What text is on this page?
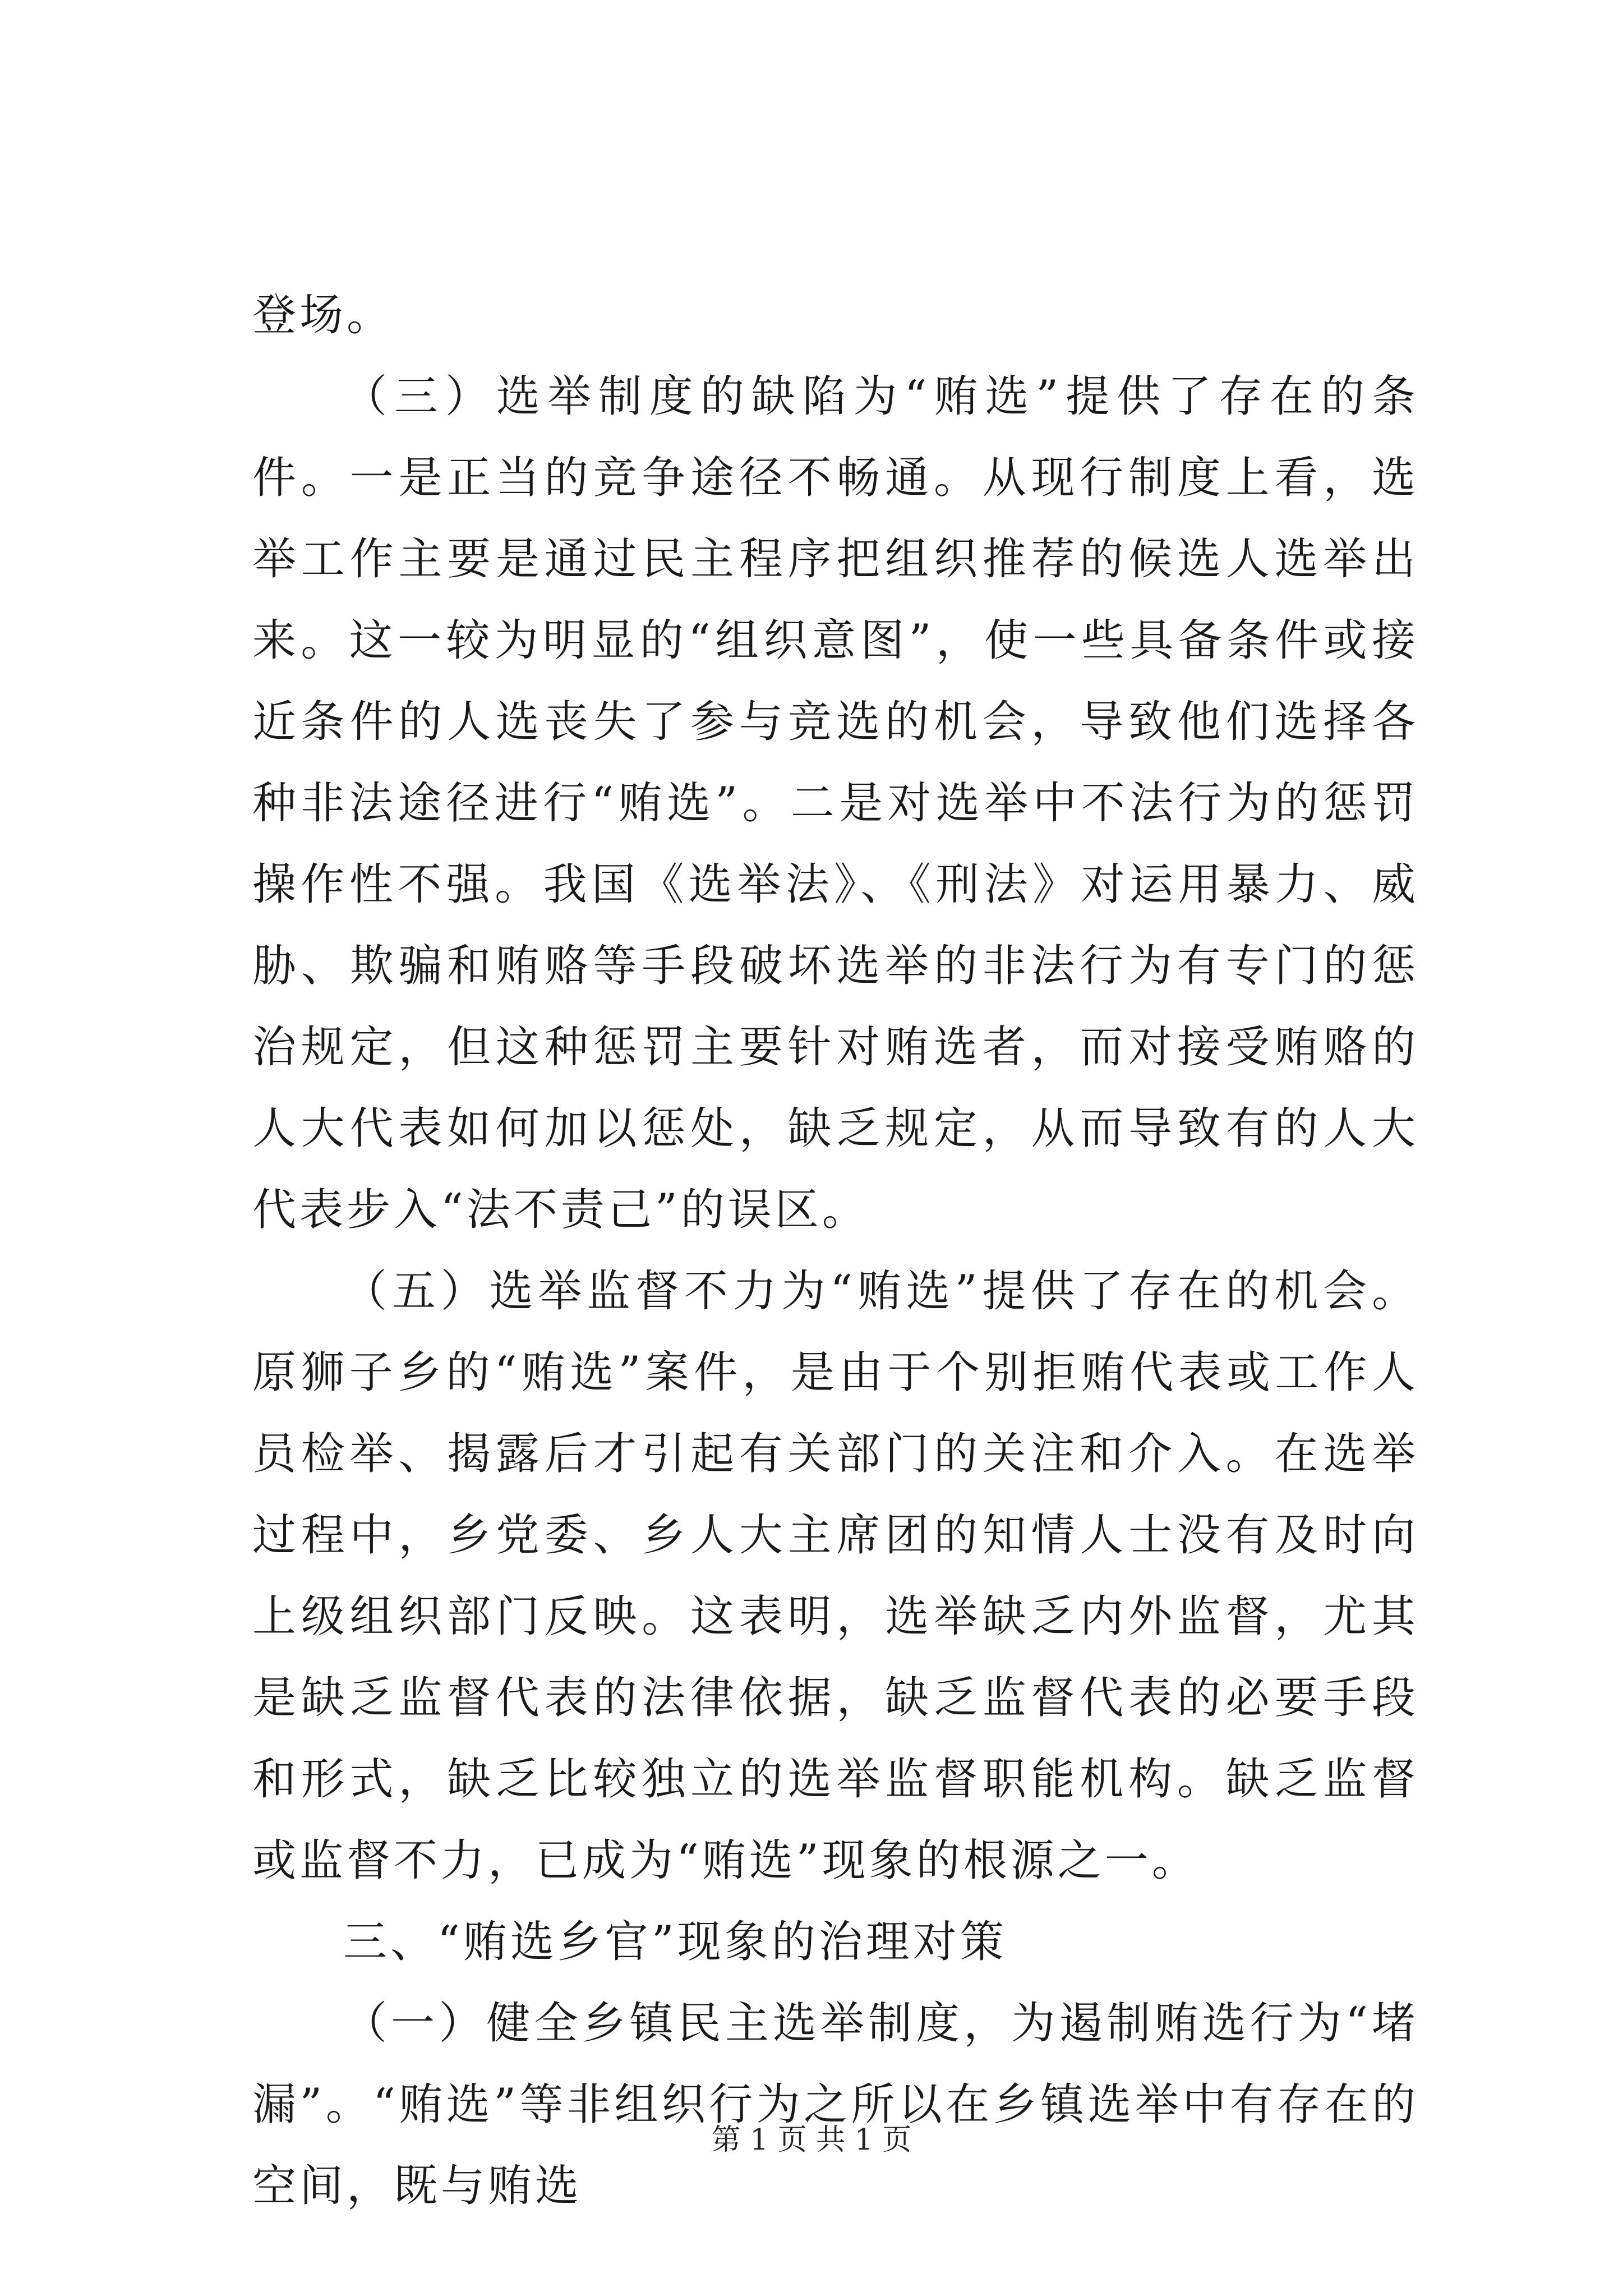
登场。

（三）选举制度的缺陷为“贿选”提供了存在的条件。一是正当的竞争途径不畅通。从现行制度上看，选举工作主要是通过民主程序把组织推荐的候选人选举出来。这一较为明显的“组织意图”，使一些具备条件或接近条件的人选丧失了参与竞选的机会，导致他们选择各种非法途径进行“贿选”。二是对选举中不法行为的惩罚操作性不强。我国《选举法》、《刑法》对运用暴力、威胁、欺骗和贿赂等手段破坏选举的非法行为有专门的惩治规定，但这种惩罚主要针对贿选者，而对接受贿赂的人大代表如何加以惩处，缺乏规定，从而导致有的人大代表步入“法不责己”的误区。

（五）选举监督不力为“贿选”提供了存在的机会。原狮子乡的“贿选”案件，是由于个别拒贿代表或工作人员检举、揭露后才引起有关部门的关注和介入。在选举过程中，乡党委、乡人大主席团的知情人士没有及时向上级组织部门反映。这表明，选举缺乏内外监督，尤其是缺乏监督代表的法律依据，缺乏监督代表的必要手段和形式，缺乏比较独立的选举监督职能机构。缺乏监督或监督不力，已成为“贿选”现象的根源之一。

三、“贿选乡官”现象的治理对策

（一）健全乡镇民主选举制度，为遏制贿选行为“堵漏”。“贿选”等非组织行为之所以在乡镇选举中有存在的空间，既与贿选

第 1 页 共 1 页
